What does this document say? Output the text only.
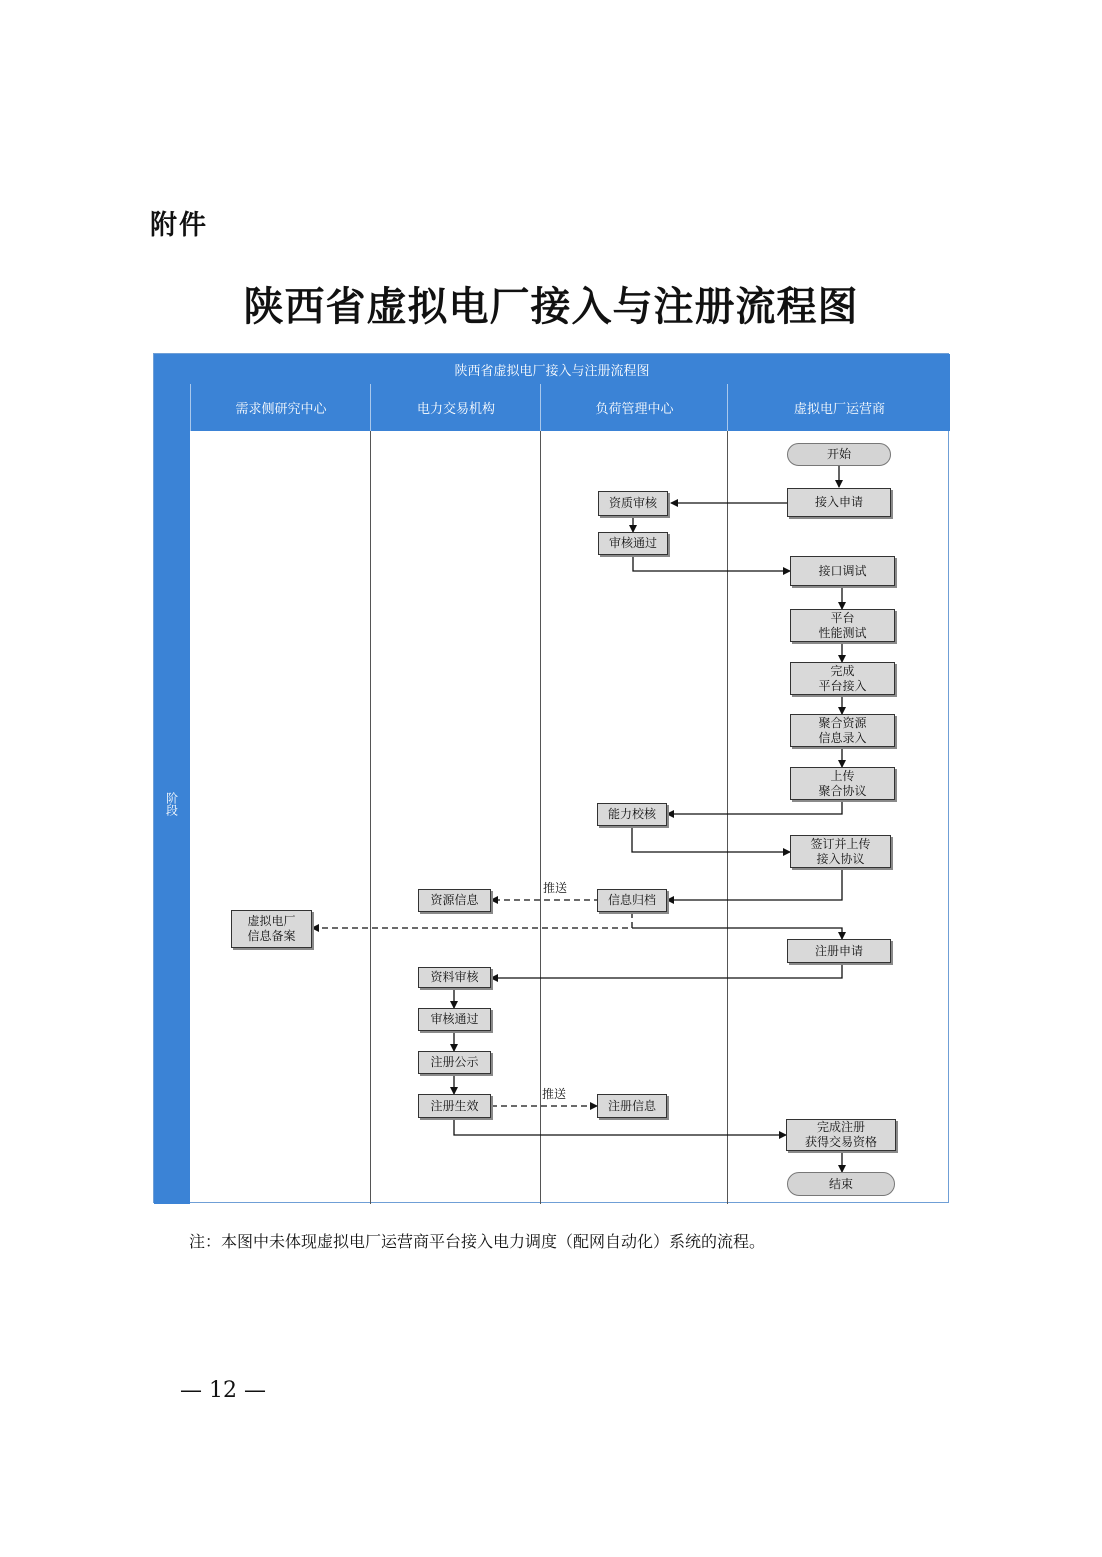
附件
陕西省虚拟电厂接入与注册流程图
陕西省虚拟电厂接入与注册流程图
阶段
需求侧研究中心	电力交易机构	负荷管理中心	虚拟电厂运营商
开始
接入申请
资质审核
审核通过
接口调试
平台
性能测试
完成
平台接入
聚合资源
信息录入
上传
聚合协议
能力校核
签订并上传
接入协议
信息归档
资源信息
虚拟电厂
信息备案
注册申请
资料审核
审核通过
注册公示
注册生效	注册信息
完成注册
获得交易资格
结束
推送
推送
注：本图中未体现虚拟电厂运营商平台接入电力调度（配网自动化）系统的流程。
— 12 —
